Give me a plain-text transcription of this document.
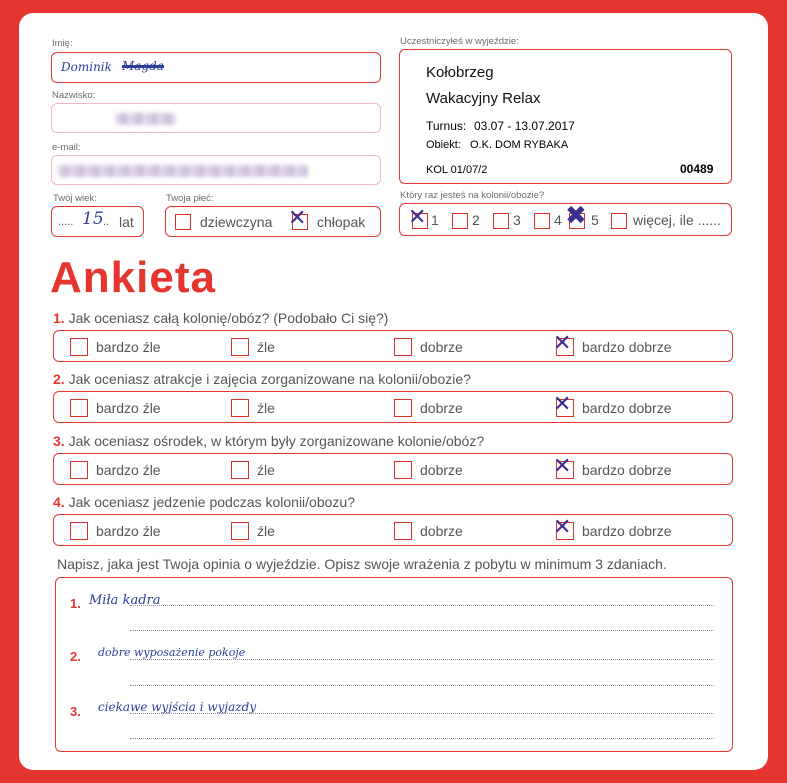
Imię:
Dominik Magda
Nazwisko:
e-mail:
Twój wiek:
..... 15 .. lat
Twoja płeć:
dziewczyna ✕ chłopak
Uczestniczyłeś w wyjeździe:
Kołobrzeg
Wakacyjny Relax
Turnus: 03.07 - 13.07.2017
Obiekt: O.K. DOM RYBAKA
KOL 01/07/2	00489
Który raz jesteś na kolonii/obozie?
✕ 1 2 3 4 ✖ 5 więcej, ile ......
Ankieta
1. Jak oceniasz całą kolonię/obóz? (Podobało Ci się?)
bardzo źle	źle	dobrze	✕ bardzo dobrze
2. Jak oceniasz atrakcje i zajęcia zorganizowane na kolonii/obozie?
bardzo źle	źle	dobrze	✕ bardzo dobrze
3. Jak oceniasz ośrodek, w którym były zorganizowane kolonie/obóz?
bardzo źle	źle	dobrze	✕ bardzo dobrze
4. Jak oceniasz jedzenie podczas kolonii/obozu?
bardzo źle	źle	dobrze	✕ bardzo dobrze
Napisz, jaka jest Twoja opinia o wyjeździe. Opisz swoje wrażenia z pobytu w minimum 3 zdaniach.
1. Miła kadra
2. dobre wyposażenie pokoje
3. ciekawe wyjścia i wyjazdy
